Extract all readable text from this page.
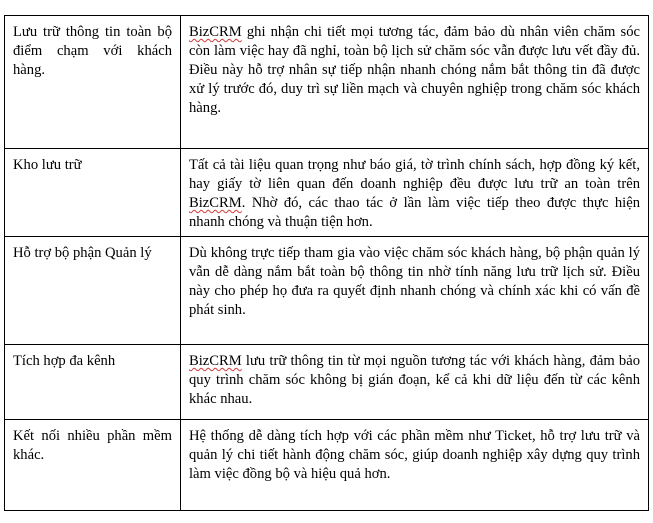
Lưu trữ thông tin toàn bộ điểm chạm với khách hàng.	BizCRM ghi nhận chi tiết mọi tương tác, đảm bảo dù nhân viên chăm sóc còn làm việc hay đã nghỉ, toàn bộ lịch sử chăm sóc vẫn được lưu vết đầy đủ. Điều này hỗ trợ nhân sự tiếp nhận nhanh chóng nắm bắt thông tin đã được xử lý trước đó, duy trì sự liền mạch và chuyên nghiệp trong chăm sóc khách hàng.
Kho lưu trữ	Tất cả tài liệu quan trọng như báo giá, tờ trình chính sách, hợp đồng ký kết, hay giấy tờ liên quan đến doanh nghiệp đều được lưu trữ an toàn trên BizCRM. Nhờ đó, các thao tác ở lần làm việc tiếp theo được thực hiện nhanh chóng và thuận tiện hơn.
Hỗ trợ bộ phận Quản lý	Dù không trực tiếp tham gia vào việc chăm sóc khách hàng, bộ phận quản lý vẫn dễ dàng nắm bắt toàn bộ thông tin nhờ tính năng lưu trữ lịch sử. Điều này cho phép họ đưa ra quyết định nhanh chóng và chính xác khi có vấn đề phát sinh.
Tích hợp đa kênh	BizCRM lưu trữ thông tin từ mọi nguồn tương tác với khách hàng, đảm bảo quy trình chăm sóc không bị gián đoạn, kể cả khi dữ liệu đến từ các kênh khác nhau.
Kết nối nhiều phần mềm khác.	Hệ thống dễ dàng tích hợp với các phần mềm như Ticket, hỗ trợ lưu trữ và quản lý chi tiết hành động chăm sóc, giúp doanh nghiệp xây dựng quy trình làm việc đồng bộ và hiệu quả hơn.
